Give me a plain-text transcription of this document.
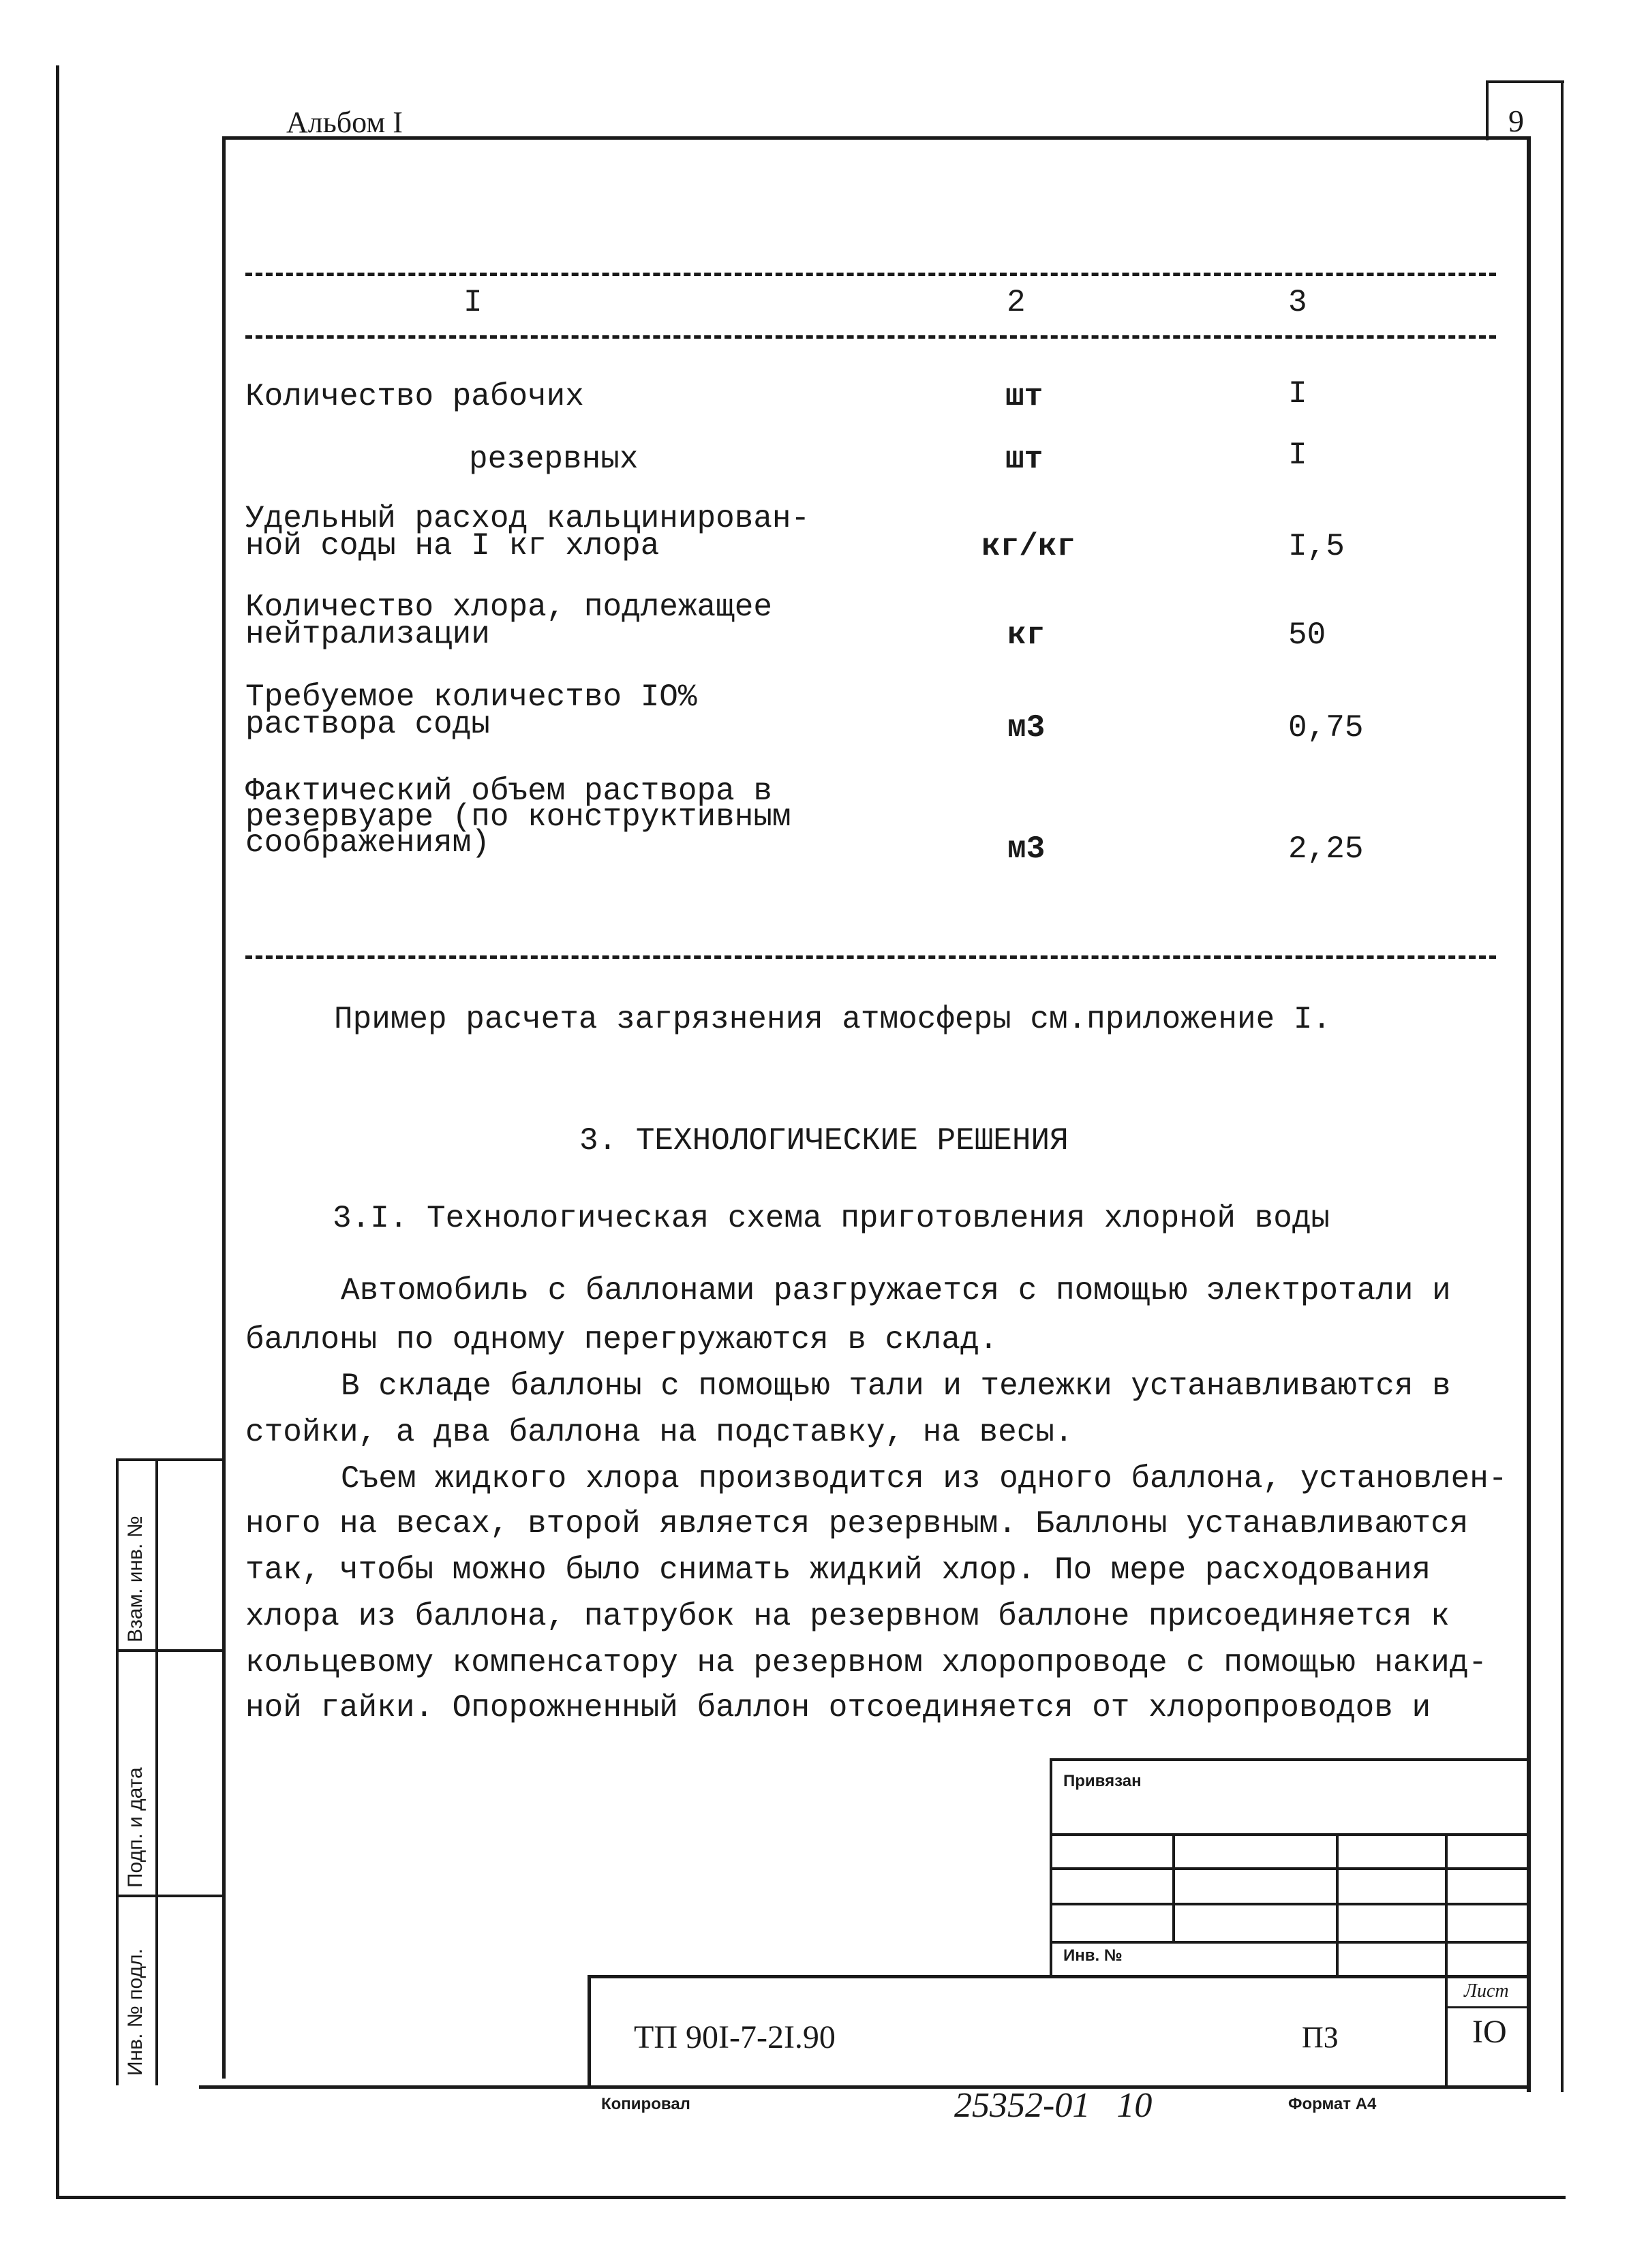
Альбом I	9
I	2	3
Количество рабочих	шт	I
резервных	шт	I
Удельный расход кальцинирован-
ной соды на I кг хлора	кг/кг	I,5
Количество хлора, подлежащее
нейтрализации	кг	50
Требуемое количество IO%
раствора соды	м3	0,75
Фактический объем раствора в
резервуаре (по конструктивным
соображениям)	м3	2,25
Пример расчета загрязнения атмосферы см.приложение I.
3. ТЕХНОЛОГИЧЕСКИЕ РЕШЕНИЯ
3.I. Технологическая схема приготовления хлорной воды
Автомобиль с баллонами разгружается с помощью электротали и
баллоны по одному перегружаются в склад.
В складе баллоны с помощью тали и тележки устанавливаются в
стойки, а два баллона на подставку, на весы.
Съем жидкого хлора производится из одного баллона, установлен-
ного на весах, второй является резервным. Баллоны устанавливаются
так, чтобы можно было снимать жидкий хлор. По мере расходования
хлора из баллона, патрубок на резервном баллоне присоединяется к
кольцевому компенсатору на резервном хлоропроводе с помощью накид-
ной гайки. Опорожненный баллон отсоединяется от хлоропроводов и
Взам. инв. №
Подп. и дата
Инв. № подл.
Привязан
Инв. №
ТП 90I-7-2I.90	ПЗ
Лист
IO
Копировал	25352-01   10	Формат А4
